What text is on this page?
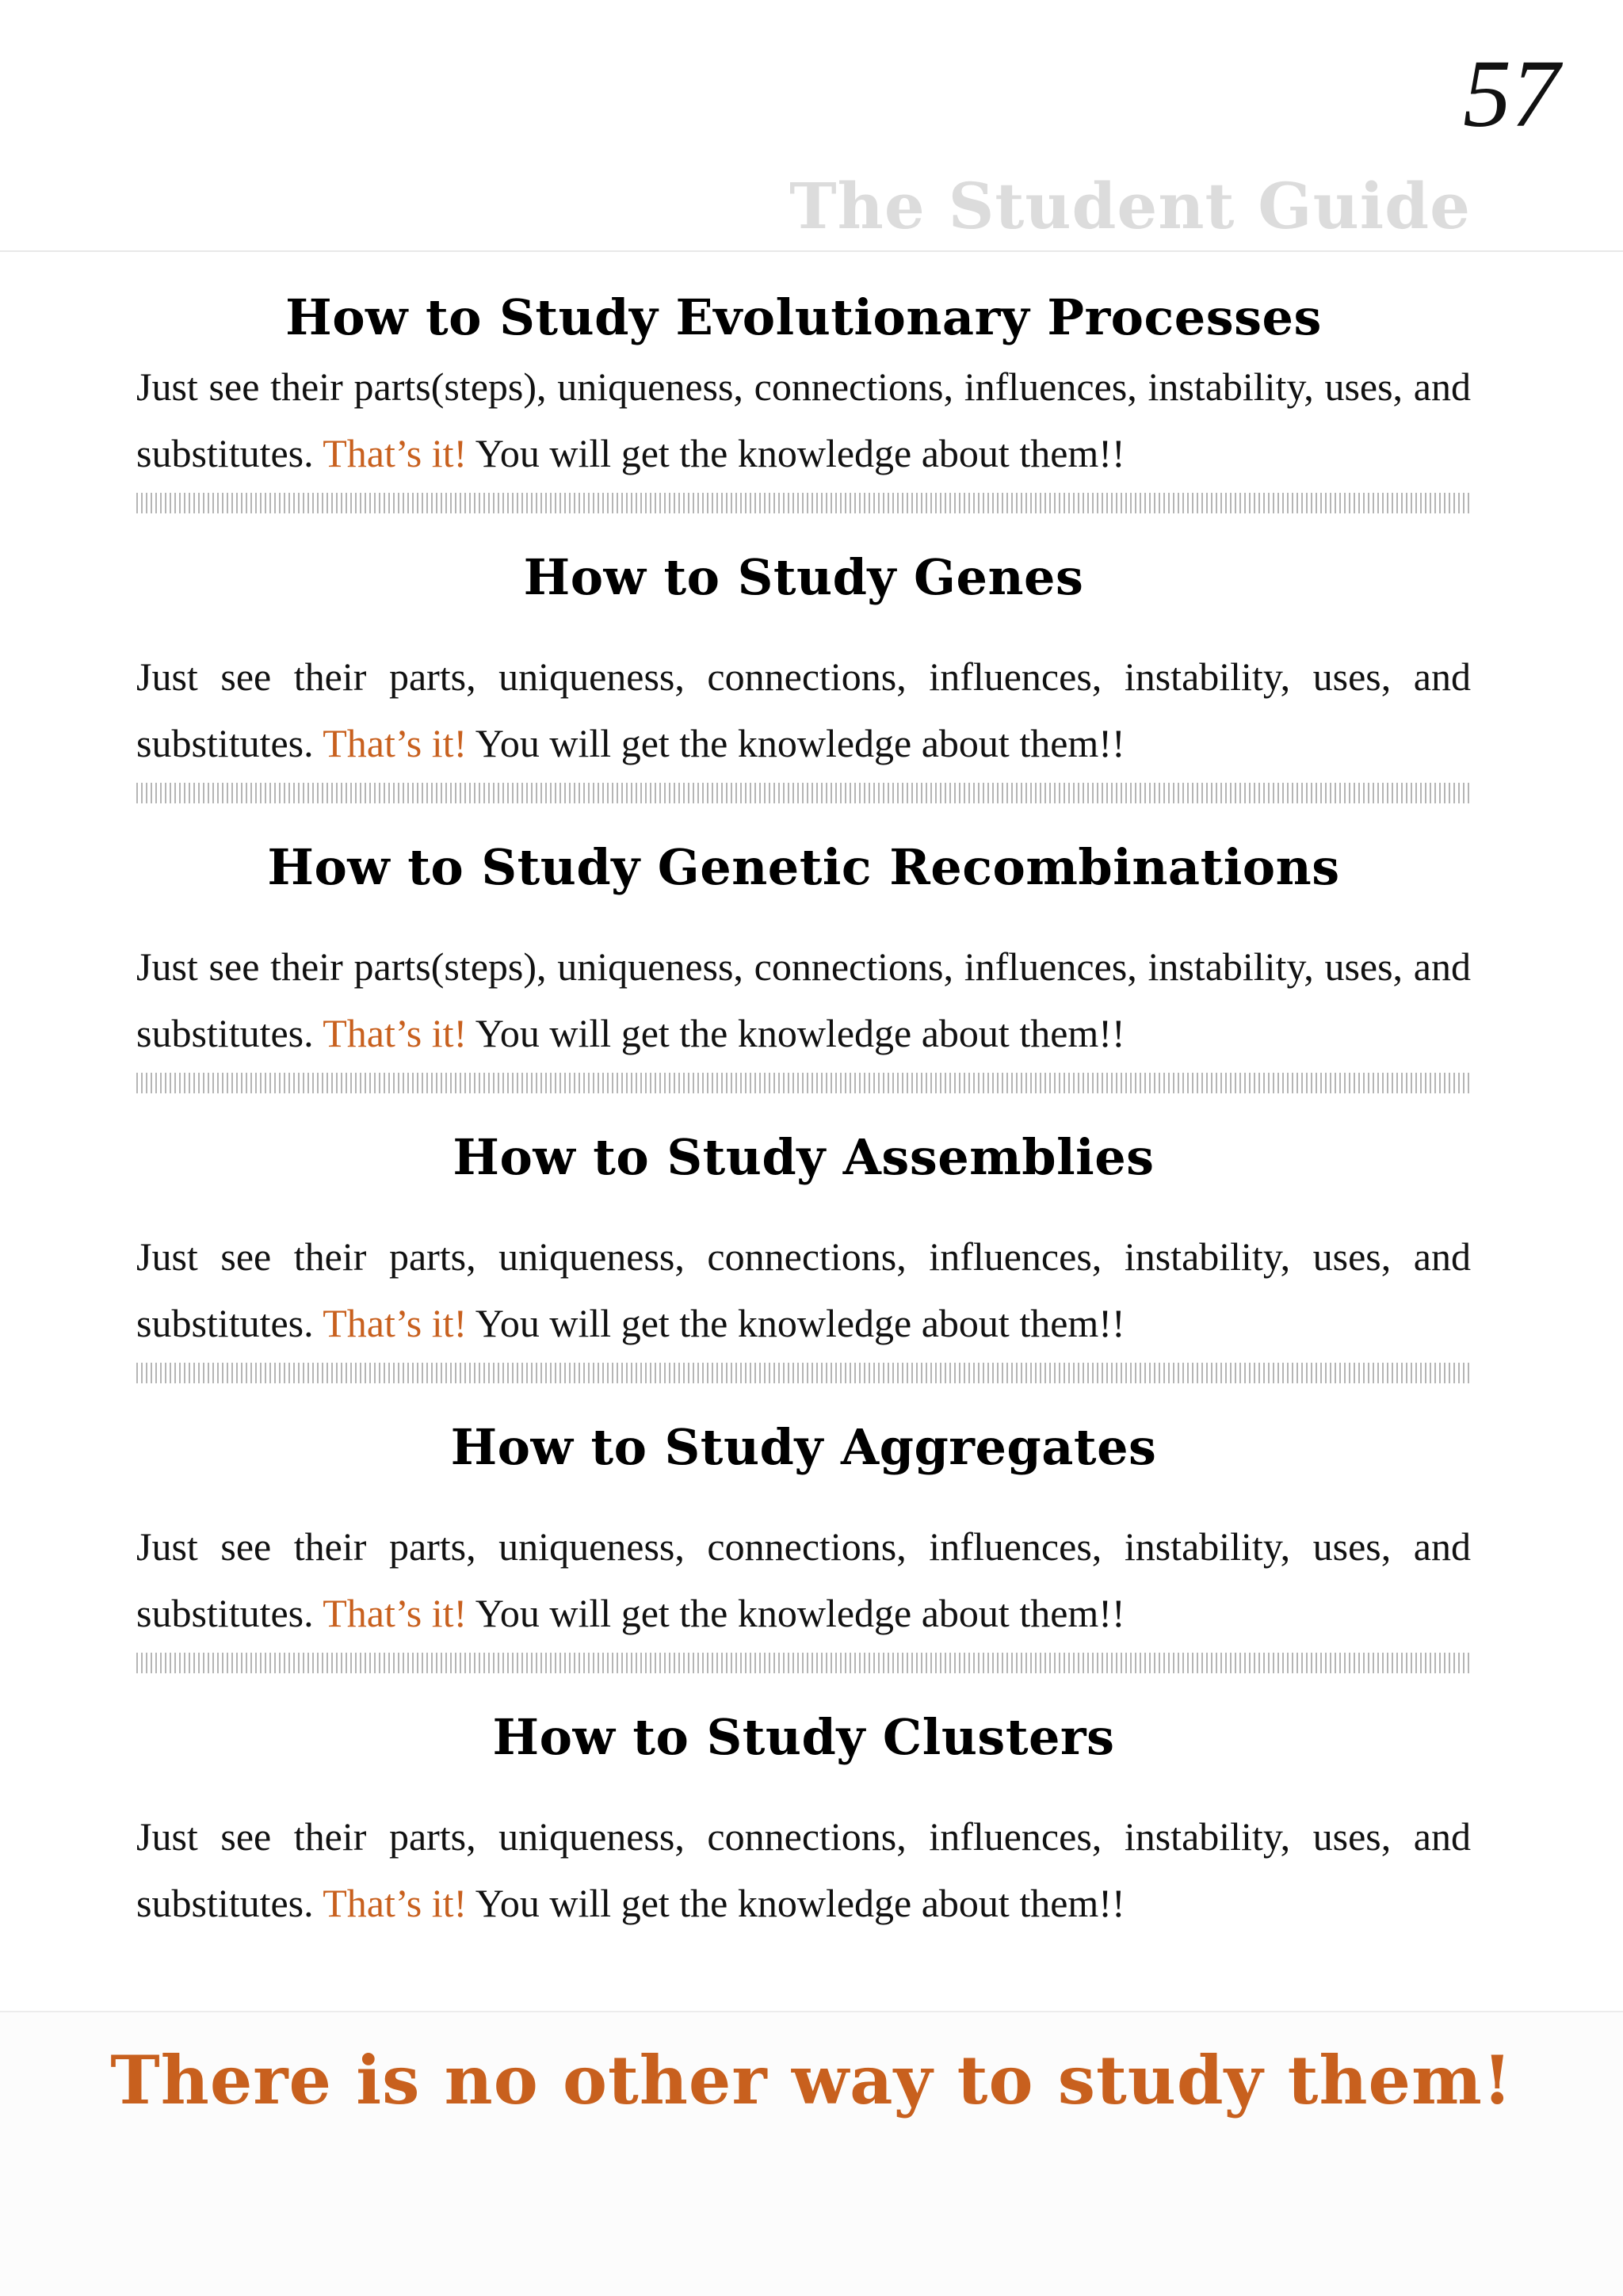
57
The Student Guide
How to Study Evolutionary Processes

Just see their parts(steps), uniqueness, connections, influences, instability, uses, and substitutes. That’s it! You will get the knowledge about them!!

How to Study Genes

Just see their parts, uniqueness, connections, influences, instability, uses, and substitutes. That’s it! You will get the knowledge about them!!

How to Study Genetic Recombinations

Just see their parts(steps), uniqueness, connections, influences, instability, uses, and substitutes. That’s it! You will get the knowledge about them!!

How to Study Assemblies

Just see their parts, uniqueness, connections, influences, instability, uses, and substitutes. That’s it! You will get the knowledge about them!!

How to Study Aggregates

Just see their parts, uniqueness, connections, influences, instability, uses, and substitutes. That’s it! You will get the knowledge about them!!

How to Study Clusters

Just see their parts, uniqueness, connections, influences, instability, uses, and substitutes. That’s it! You will get the knowledge about them!!

There is no other way to study them!
